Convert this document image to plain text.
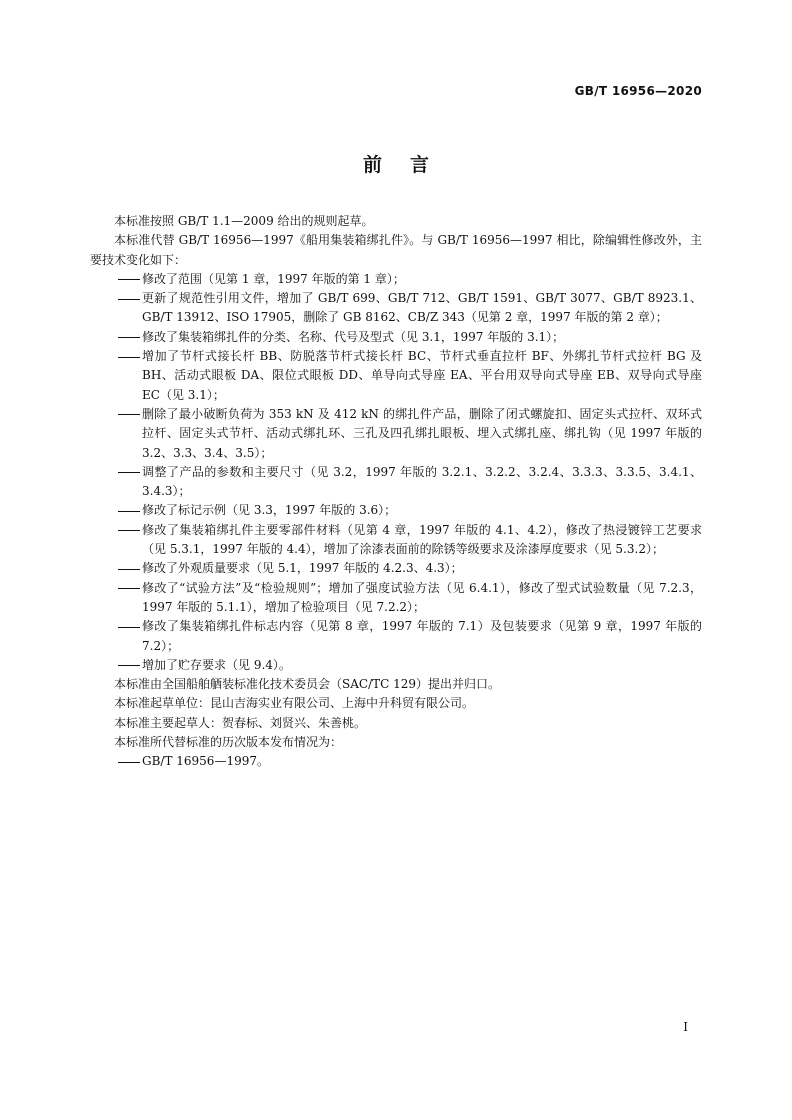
GB/T 16956—2020
前言

本标准按照 GB/T 1.1—2009 给出的规则起草。

本标准代替 GB/T 16956—1997《船用集装箱绑扎件》。与 GB/T 16956—1997 相比，除编辑性修改外，主要技术变化如下：

修改了范围（见第 1 章，1997 年版的第 1 章）；
更新了规范性引用文件，增加了 GB/T 699、GB/T 712、GB/T 1591、GB/T 3077、GB/T 8923.1、GB/T 13912、ISO 17905，删除了 GB 8162、CB/Z 343（见第 2 章，1997 年版的第 2 章）；
修改了集装箱绑扎件的分类、名称、代号及型式（见 3.1，1997 年版的 3.1）；
增加了节杆式接长杆 BB、防脱落节杆式接长杆 BC、节杆式垂直拉杆 BF、外绑扎节杆式拉杆 BG 及 BH、活动式眼板 DA、限位式眼板 DD、单导向式导座 EA、平台用双导向式导座 EB、双导向式导座 EC（见 3.1）；
删除了最小破断负荷为 353 kN 及 412 kN 的绑扎件产品，删除了闭式螺旋扣、固定头式拉杆、双环式拉杆、固定头式节杆、活动式绑扎环、三孔及四孔绑扎眼板、埋入式绑扎座、绑扎钩（见 1997 年版的 3.2、3.3、3.4、3.5）；
调整了产品的参数和主要尺寸（见 3.2，1997 年版的 3.2.1、3.2.2、3.2.4、3.3.3、3.3.5、3.4.1、3.4.3）；
修改了标记示例（见 3.3，1997 年版的 3.6）；
修改了集装箱绑扎件主要零部件材料（见第 4 章，1997 年版的 4.1、4.2），修改了热浸镀锌工艺要求（见 5.3.1，1997 年版的 4.4），增加了涂漆表面前的除锈等级要求及涂漆厚度要求（见 5.3.2）；
修改了外观质量要求（见 5.1，1997 年版的 4.2.3、4.3）；
修改了“试验方法”及“检验规则”；增加了强度试验方法（见 6.4.1），修改了型式试验数量（见 7.2.3，1997 年版的 5.1.1），增加了检验项目（见 7.2.2）；
修改了集装箱绑扎件标志内容（见第 8 章，1997 年版的 7.1）及包装要求（见第 9 章，1997 年版的 7.2）；
增加了贮存要求（见 9.4）。

本标准由全国船舶舾装标准化技术委员会（SAC/TC 129）提出并归口。

本标准起草单位：昆山吉海实业有限公司、上海中升科贸有限公司。

本标准主要起草人：贺春标、刘贤兴、朱善桃。

本标准所代替标准的历次版本发布情况为：

GB/T 16956—1997。
I
